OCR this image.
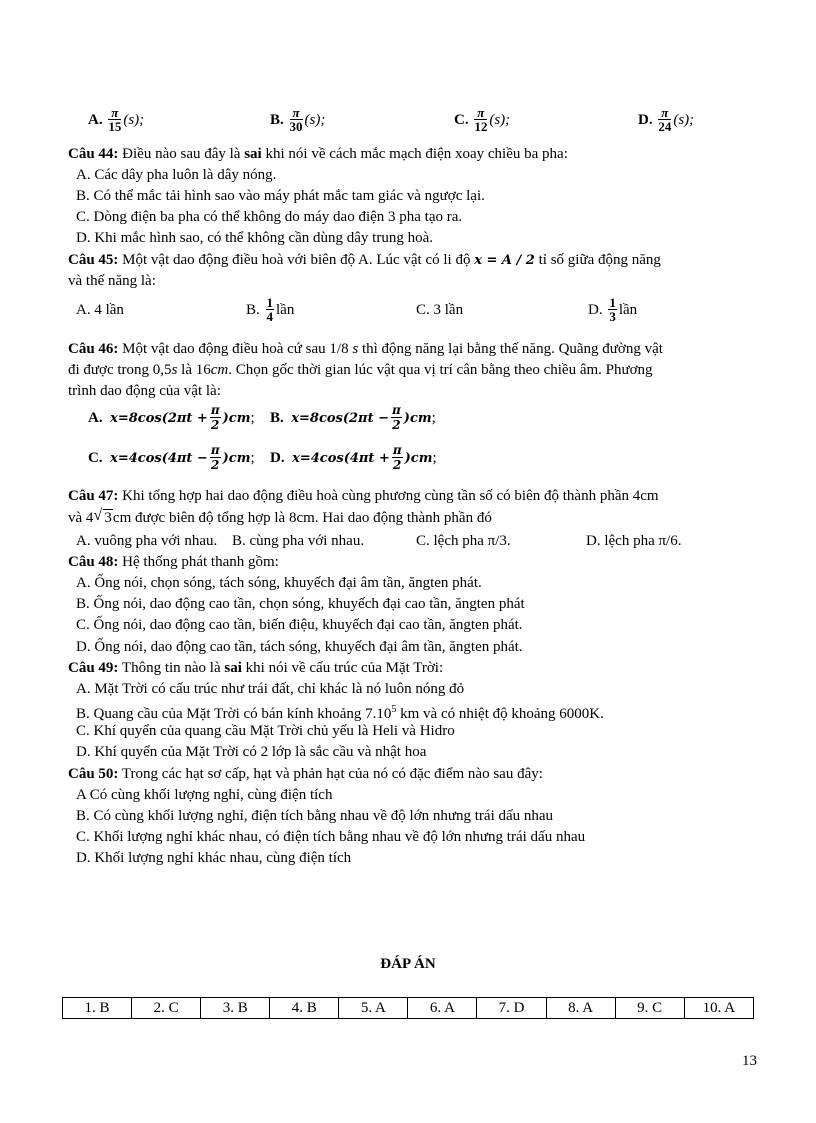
A.
$\frac{\pi}{15} (s)$;	B.
$\frac{\pi}{30} (s)$;	C.
$\frac{\pi}{12} (s)$;	D.
$\frac{\pi}{24} (s)$;
Câu 44: Điều nào sau đây là sai khi nói về cách mắc mạch điện xoay chiều ba pha:
A. Các dây pha luôn là dây nóng.
B. Có thể mắc tải hình sao vào máy phát mắc tam giác và ngược lại.
C. Dòng điện ba pha có thể không do máy dao điện 3 pha tạo ra.
D. Khi mắc hình sao, có thể không cần dùng dây trung hoà.
Câu 45: Một vật dao động điều hoà với biên độ A. Lúc vật có li độ x = A / 2 tỉ số giữa động năng
và thế năng là:
A. 4 lần	B.
$\frac{1}{4}$ lần	C. 3 lần	D.
$\frac{1}{3}$ lần
Câu 46: Một vật dao động điều hoà cứ sau 1/8 s thì động năng lại bằng thế năng. Quãng đường vật
đi được trong 0,5s là 16cm. Chọn gốc thời gian lúc vật qua vị trí cân bằng theo chiều âm. Phương
trình dao động của vật là:
A.
$x=8\cos(2\pi t + \frac{\pi}{2} )cm$ ; B.
$x=8\cos(2\pi t - \frac{\pi}{2} )cm$ ;
C.
$x=4\cos(4\pi t - \frac{\pi}{2} )cm$ ; D.
$x=4\cos(4\pi t + \frac{\pi}{2} )cm$ ;
Câu 47: Khi tổng hợp hai dao động điều hoà cùng phương cùng tần số có biên độ thành phần 4cm
và 4 √ 3cm được biên độ tổng hợp là 8cm. Hai dao động thành phần đó
A. vuông pha với nhau. B. cùng pha với nhau.	C. lệch pha π/3.	D. lệch pha π/6.
Câu 48: Hệ thống phát thanh gồm:
A. Ống nói, chọn sóng, tách sóng, khuyếch đại âm tần, ăngten phát.
B. Ống nói, dao động cao tần, chọn sóng, khuyếch đại cao tần, ăngten phát
C. Ống nói, dao động cao tần, biến điệu, khuyếch đại cao tần, ăngten phát.
D. Ống nói, dao động cao tần, tách sóng, khuyếch đại âm tần, ăngten phát.
Câu 49: Thông tin nào là sai khi nói về cấu trúc của Mặt Trời:
A. Mặt Trời có cấu trúc như trái đất, chỉ khác là nó luôn nóng đỏ
B. Quang cầu của Mặt Trời có bán kính khoảng 7.10$^5$ km và có nhiệt độ khoảng 6000K.
C. Khí quyển của quang cầu Mặt Trời chủ yếu là Heli và Hidro
D. Khí quyển của Mặt Trời có 2 lớp là sắc cầu và nhật hoa
Câu 50: Trong các hạt sơ cấp, hạt và phản hạt của nó có đặc điểm nào sau đây:
A Có cùng khối lượng nghỉ, cùng điện tích
B. Có cùng khối lượng nghỉ, điện tích bằng nhau về độ lớn nhưng trái dấu nhau
C. Khối lượng nghỉ khác nhau, có điện tích bằng nhau về độ lớn nhưng trái dấu nhau
D. Khối lượng nghỉ khác nhau, cùng điện tích
ĐÁP ÁN
1. B	2. C	3. B	4. B	5. A	6. A	7. D	8. A	9. C	10. A
13
